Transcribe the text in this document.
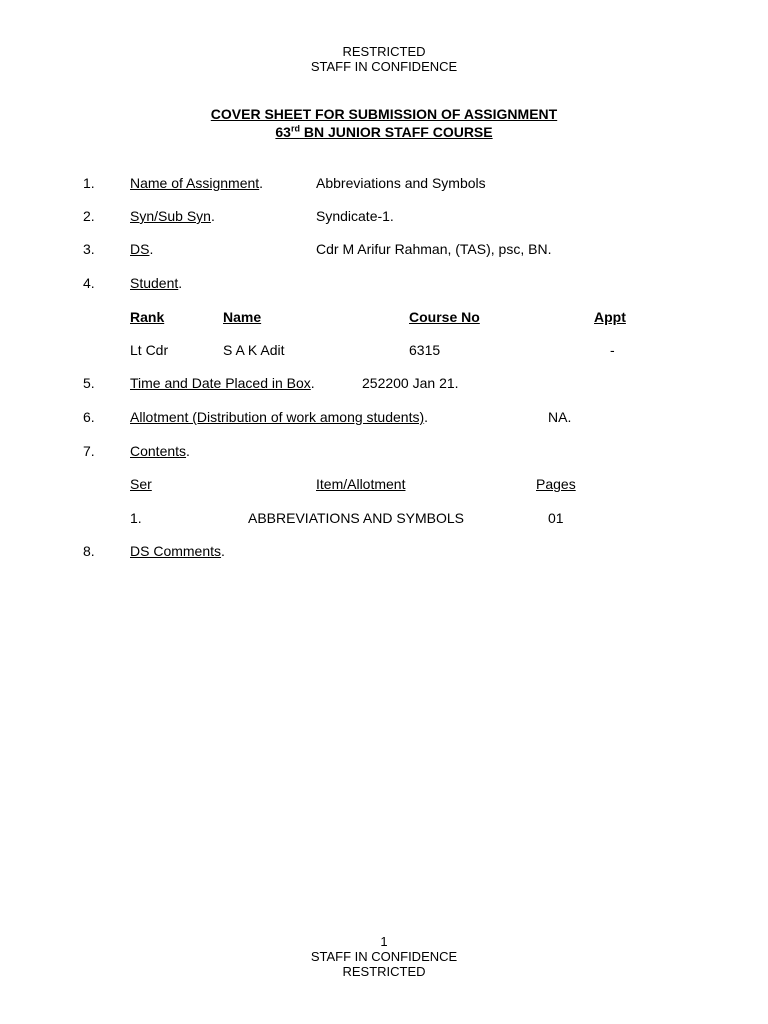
RESTRICTED
STAFF IN CONFIDENCE
COVER SHEET FOR SUBMISSION OF ASSIGNMENT
63rd BN JUNIOR STAFF COURSE
1.	Name of Assignment.	Abbreviations and Symbols
2.	Syn/Sub Syn.	Syndicate-1.
3.	DS.	Cdr M Arifur Rahman, (TAS), psc, BN.
4.	Student.
Rank	Name	Course No	Appt
Lt Cdr	S A K Adit	6315	-
5.	Time and Date Placed in Box.	252200 Jan 21.
6.	Allotment (Distribution of work among students).	NA.
7.	Contents.
Ser	Item/Allotment	Pages
1.	ABBREVIATIONS AND SYMBOLS	01
8.	DS Comments.
1
STAFF IN CONFIDENCE
RESTRICTED
